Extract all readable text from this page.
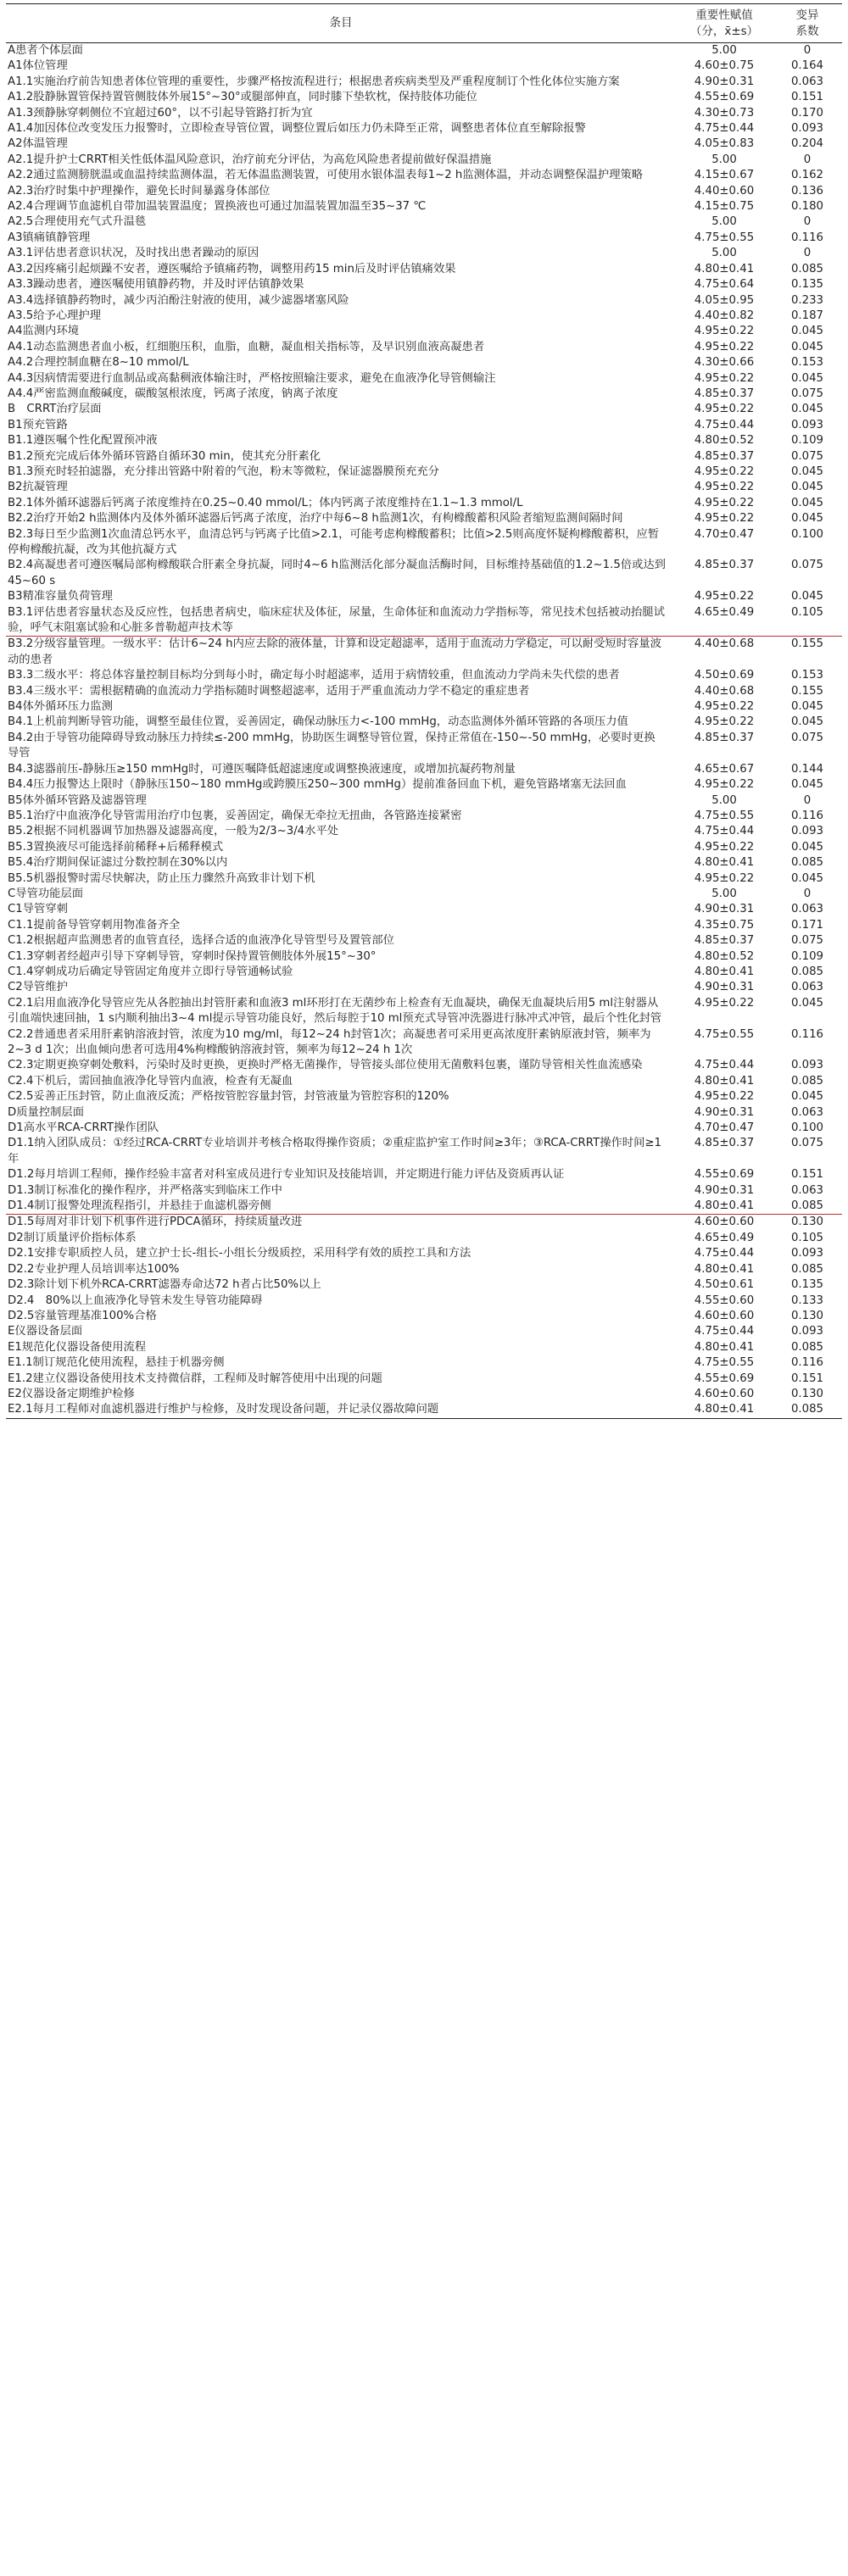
条目	重要性赋值
（分，x̄±s）	变异
系数
A患者个体层面	5.00	0
A1体位管理	4.60±0.75	0.164
A1.1实施治疗前告知患者体位管理的重要性，步骤严格按流程进行；根据患者疾病类型及严重程度制订个性化体位实施方案	4.90±0.31	0.063
A1.2股静脉置管保持置管侧肢体外展15°~30°或腿部伸直，同时膝下垫软枕，保持肢体功能位	4.55±0.69	0.151
A1.3颈静脉穿刺侧位不宜超过60°，以不引起导管路打折为宜	4.30±0.73	0.170
A1.4加因体位改变发压力报警时，立即检查导管位置，调整位置后如压力仍未降至正常，调整患者体位直至解除报警	4.75±0.44	0.093
A2体温管理	4.05±0.83	0.204
A2.1提升护士CRRT相关性低体温风险意识，治疗前充分评估，为高危风险患者提前做好保温措施	5.00	0
A2.2通过监测膀胱温或血温持续监测体温，若无体温监测装置，可使用水银体温表每1~2 h监测体温，并动态调整保温护理策略	4.15±0.67	0.162
A2.3治疗时集中护理操作，避免长时间暴露身体部位	4.40±0.60	0.136
A2.4合理调节血滤机自带加温装置温度；置换液也可通过加温装置加温至35~37 ℃	4.15±0.75	0.180
A2.5合理使用充气式升温毯	5.00	0
A3镇痛镇静管理	4.75±0.55	0.116
A3.1评估患者意识状况，及时找出患者躁动的原因	5.00	0
A3.2因疼痛引起烦躁不安者，遵医嘱给予镇痛药物，调整用药15 min后及时评估镇痛效果	4.80±0.41	0.085
A3.3躁动患者，遵医嘱使用镇静药物，并及时评估镇静效果	4.75±0.64	0.135
A3.4选择镇静药物时，减少丙泊酚注射液的使用，减少滤器堵塞风险	4.05±0.95	0.233
A3.5给予心理护理	4.40±0.82	0.187
A4监测内环境	4.95±0.22	0.045
A4.1动态监测患者血小板，红细胞压积，血脂，血糖，凝血相关指标等，及早识别血液高凝患者	4.95±0.22	0.045
A4.2合理控制血糖在8~10 mmol/L	4.30±0.66	0.153
A4.3因病情需要进行血制品或高黏稠液体输注时，严格按照输注要求，避免在血液净化导管侧输注	4.95±0.22	0.045
A4.4严密监测血酸碱度，碳酸氢根浓度，钙离子浓度，钠离子浓度	4.85±0.37	0.075
B　CRRT治疗层面	4.95±0.22	0.045
B1预充管路	4.75±0.44	0.093
B1.1遵医嘱个性化配置预冲液	4.80±0.52	0.109
B1.2预充完成后体外循环管路自循环30 min，使其充分肝素化	4.85±0.37	0.075
B1.3预充时轻拍滤器，充分排出管路中附着的气泡，粉末等微粒，保证滤器膜预充充分	4.95±0.22	0.045
B2抗凝管理	4.95±0.22	0.045
B2.1体外循环滤器后钙离子浓度维持在0.25~0.40 mmol/L；体内钙离子浓度维持在1.1~1.3 mmol/L	4.95±0.22	0.045
B2.2治疗开始2 h监测体内及体外循环滤器后钙离子浓度，治疗中每6~8 h监测1次，有枸橼酸蓄积风险者缩短监测间隔时间	4.95±0.22	0.045
B2.3每日至少监测1次血清总钙水平，血清总钙与钙离子比值>2.1，可能考虑枸橼酸蓄积；比值>2.5则高度怀疑枸橼酸蓄积，应暂停枸橼酸抗凝，改为其他抗凝方式	4.70±0.47	0.100
B2.4高凝患者可遵医嘱局部枸橼酸联合肝素全身抗凝，同时4~6 h监测活化部分凝血活酶时间，目标维持基础值的1.2~1.5倍或达到45~60 s	4.85±0.37	0.075
B3精准容量负荷管理	4.95±0.22	0.045
B3.1评估患者容量状态及反应性，包括患者病史，临床症状及体征，尿量，生命体征和血流动力学指标等，常见技术包括被动抬腿试验，呼气末阻塞试验和心脏多普勒超声技术等	4.65±0.49	0.105
B3.2分级容量管理。一级水平：估计6~24 h内应去除的液体量，计算和设定超滤率，适用于血流动力学稳定，可以耐受短时容量波动的患者	4.40±0.68	0.155
B3.3二级水平：将总体容量控制目标均分到每小时，确定每小时超滤率，适用于病情较重，但血流动力学尚未失代偿的患者	4.50±0.69	0.153
B3.4三级水平：需根据精确的血流动力学指标随时调整超滤率，适用于严重血流动力学不稳定的重症患者	4.40±0.68	0.155
B4体外循环压力监测	4.95±0.22	0.045
B4.1上机前判断导管功能，调整至最佳位置，妥善固定，确保动脉压力<-100 mmHg，动态监测体外循环管路的各项压力值	4.95±0.22	0.045
B4.2由于导管功能障碍导致动脉压力持续≤-200 mmHg，协助医生调整导管位置，保持正常值在-150~-50 mmHg，必要时更换导管	4.85±0.37	0.075
B4.3滤器前压-静脉压≥150 mmHg时，可遵医嘱降低超滤速度或调整换液速度，或增加抗凝药物剂量	4.65±0.67	0.144
B4.4压力报警达上限时（静脉压150~180 mmHg或跨膜压250~300 mmHg）提前准备回血下机，避免管路堵塞无法回血	4.95±0.22	0.045
B5体外循环管路及滤器管理	5.00	0
B5.1治疗中血液净化导管需用治疗巾包裹，妥善固定，确保无牵拉无扭曲，各管路连接紧密	4.75±0.55	0.116
B5.2根据不同机器调节加热器及滤器高度，一般为2/3~3/4水平处	4.75±0.44	0.093
B5.3置换液尽可能选择前稀释+后稀释模式	4.95±0.22	0.045
B5.4治疗期间保证滤过分数控制在30%以内	4.80±0.41	0.085
B5.5机器报警时需尽快解决，防止压力骤然升高致非计划下机	4.95±0.22	0.045
C导管功能层面	5.00	0
C1导管穿刺	4.90±0.31	0.063
C1.1提前备导管穿刺用物准备齐全	4.35±0.75	0.171
C1.2根据超声监测患者的血管直径，选择合适的血液净化导管型号及置管部位	4.85±0.37	0.075
C1.3穿刺者经超声引导下穿刺导管，穿刺时保持置管侧肢体外展15°~30°	4.80±0.52	0.109
C1.4穿刺成功后确定导管固定角度并立即行导管通畅试验	4.80±0.41	0.085
C2导管维护	4.90±0.31	0.063
C2.1启用血液净化导管应先从各腔抽出封管肝素和血液3 ml环形打在无菌纱布上检查有无血凝块，确保无血凝块后用5 ml注射器从引血端快速回抽，1 s内顺利抽出3~4 ml提示导管功能良好，然后每腔于10 ml预充式导管冲洗器进行脉冲式冲管，最后个性化封管	4.95±0.22	0.045
C2.2普通患者采用肝素钠溶液封管，浓度为10 mg/ml，每12~24 h封管1次；高凝患者可采用更高浓度肝素钠原液封管，频率为2~3 d 1次；出血倾向患者可选用4%枸橼酸钠溶液封管，频率为每12~24 h 1次	4.75±0.55	0.116
C2.3定期更换穿刺处敷料，污染时及时更换，更换时严格无菌操作，导管接头部位使用无菌敷料包裹，谨防导管相关性血流感染	4.75±0.44	0.093
C2.4下机后，需回抽血液净化导管内血液，检查有无凝血	4.80±0.41	0.085
C2.5妥善正压封管，防止血液反流；严格按管腔容量封管，封管液量为管腔容积的120%	4.95±0.22	0.045
D质量控制层面	4.90±0.31	0.063
D1高水平RCA-CRRT操作团队	4.70±0.47	0.100
D1.1纳入团队成员：①经过RCA-CRRT专业培训并考核合格取得操作资质；②重症监护室工作时间≥3年；③RCA-CRRT操作时间≥1年	4.85±0.37	0.075
D1.2每月培训工程师，操作经验丰富者对科室成员进行专业知识及技能培训，并定期进行能力评估及资质再认证	4.55±0.69	0.151
D1.3制订标准化的操作程序，并严格落实到临床工作中	4.90±0.31	0.063
D1.4制订报警处理流程指引，并悬挂于血滤机器旁侧	4.80±0.41	0.085
D1.5每周对非计划下机事件进行PDCA循环，持续质量改进	4.60±0.60	0.130
D2制订质量评价指标体系	4.65±0.49	0.105
D2.1安排专职质控人员，建立护士长-组长-小组长分级质控，采用科学有效的质控工具和方法	4.75±0.44	0.093
D2.2专业护理人员培训率达100%	4.80±0.41	0.085
D2.3除计划下机外RCA-CRRT滤器寿命达72 h者占比50%以上	4.50±0.61	0.135
D2.4　80%以上血液净化导管未发生导管功能障碍	4.55±0.60	0.133
D2.5容量管理基准100%合格	4.60±0.60	0.130
E仪器设备层面	4.75±0.44	0.093
E1规范化仪器设备使用流程	4.80±0.41	0.085
E1.1制订规范化使用流程，悬挂于机器旁侧	4.75±0.55	0.116
E1.2建立仪器设备使用技术支持微信群，工程师及时解答使用中出现的问题	4.55±0.69	0.151
E2仪器设备定期维护检修	4.60±0.60	0.130
E2.1每月工程师对血滤机器进行维护与检修，及时发现设备问题，并记录仪器故障问题	4.80±0.41	0.085
